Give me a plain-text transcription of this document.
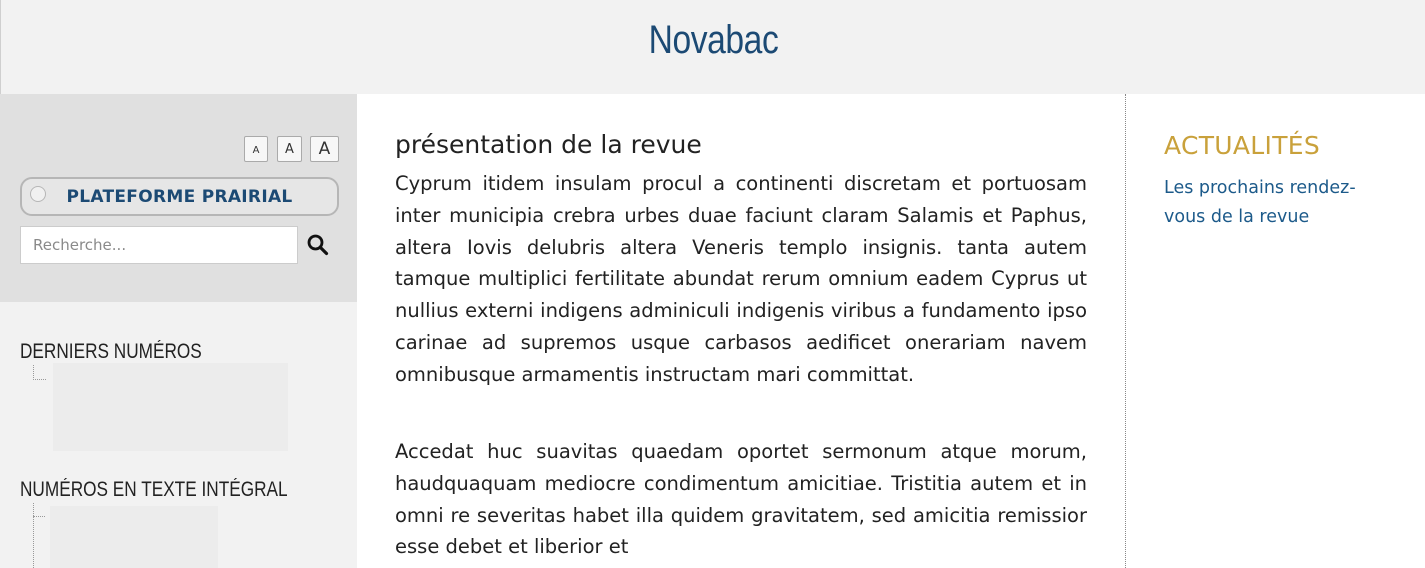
Novabac
A	A	A
PLATEFORME PRAIRIAL
Recherche...
DERNIERS NUMÉROS
NUMÉROS EN TEXTE INTÉGRAL
présentation de la revue

Cyprum itidem insulam procul a continenti discretam et portuosam inter municipia crebra urbes duae faciunt claram Salamis et Paphus, altera Iovis delubris altera Veneris templo insignis. tanta autem tamque multiplici fertilitate abundat rerum omnium eadem Cyprus ut nullius externi indigens adminiculi indigenis viribus a fundamento ipso carinae ad supremos usque carbasos aedificet onerariam navem omnibusque armamentis instructam mari committat.

Accedat huc suavitas quaedam oportet sermonum atque morum, haudquaquam mediocre condimentum amicitiae. Tristitia autem et in omni re severitas habet illa quidem gravitatem, sed amicitia remissior esse debet et liberior et

ACTUALITÉS
Les prochains rendez-vous de la revue
